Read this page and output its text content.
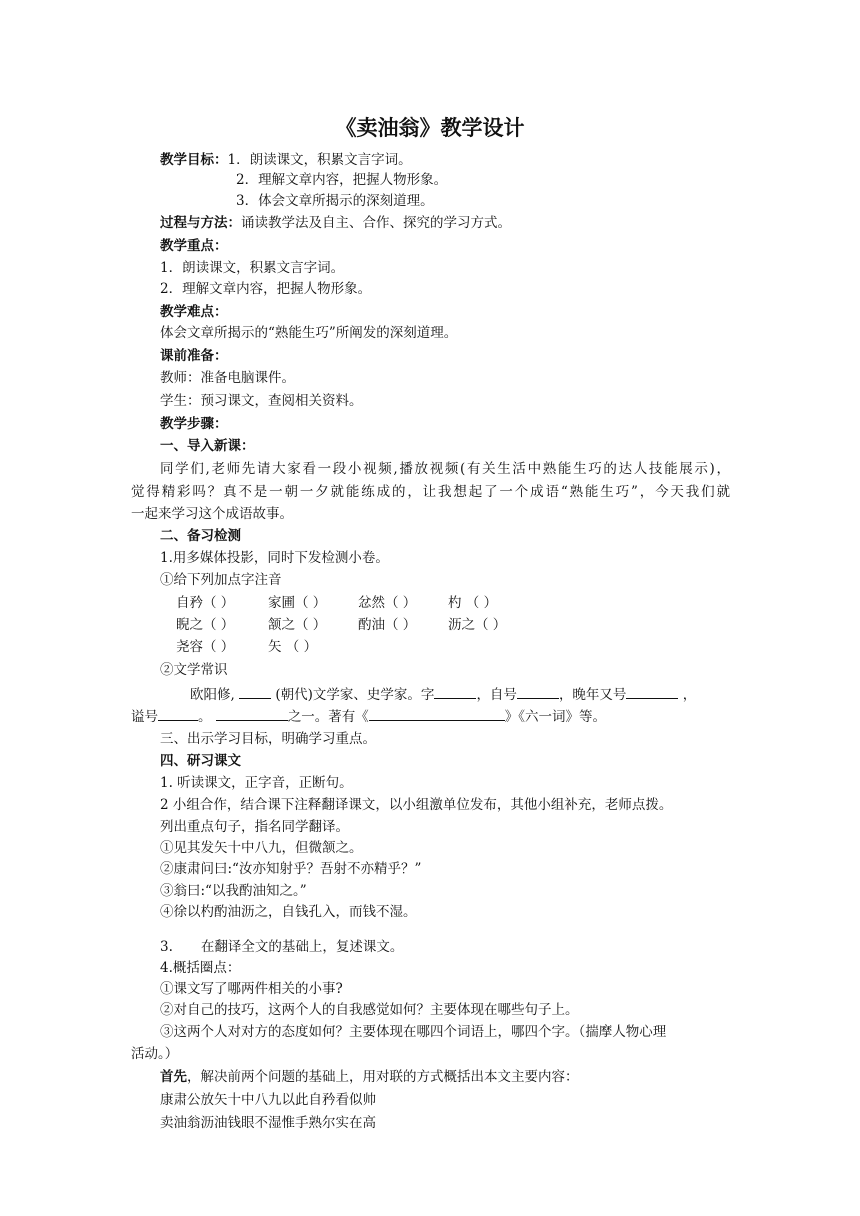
《卖油翁》教学设计
教学目标：1．朗读课文，积累文言字词。
2．理解文章内容，把握人物形象。
3．体会文章所揭示的深刻道理。
过程与方法：诵读教学法及自主、合作、探究的学习方式。
教学重点：
1．朗读课文，积累文言字词。
2．理解文章内容，把握人物形象。
教学难点：
体会文章所揭示的“熟能生巧”所阐发的深刻道理。
课前准备：
教师：准备电脑课件。
学生：预习课文，查阅相关资料。
教学步骤：
一、导入新课：
同学们,老师先请大家看一段小视频,播放视频(有关生活中熟能生巧的达人技能展示)，
觉得精彩吗？真不是一朝一夕就能练成的，让我想起了一个成语“熟能生巧”，今天我们就
一起来学习这个成语故事。
二、备习检测
1.用多媒体投影，同时下发检测小卷。
①给下列加点字注音
自矜（ ） 家圃（ ） 忿然（ ） 杓 （ ）
睨之（ ） 颔之（ ） 酌油（ ） 沥之（ ）
尧容（ ） 矢 （ ）
②文学常识
欧阳修,	(朝代)文学家、史学家。字	，自号	，晚年又号	，
谥号	。	之一。著有《	》《六一词》等。
三、出示学习目标，明确学习重点。
四、研习课文
1. 听读课文，正字音，正断句。
2 小组合作，结合课下注释翻译课文，以小组激单位发布，其他小组补充，老师点拨。
列出重点句子，指名同学翻译。
①见其发矢十中八九，但微颔之。
②康肃问曰:“汝亦知射乎？吾射不亦精乎？”
③翁曰:“以我酌油知之。”
④徐以杓酌油沥之，自钱孔入，而钱不湿。
3. 在翻译全文的基础上，复述课文。
4.概括圈点：
①课文写了哪两件相关的小事?
②对自己的技巧，这两个人的自我感觉如何？主要体现在哪些句子上。
③这两个人对对方的态度如何？主要体现在哪四个词语上，哪四个字。（揣摩人物心理
活动。）
首先，解决前两个问题的基础上，用对联的方式概括出本文主要内容：
康肃公放矢十中八九以此自矜看似帅
卖油翁沥油钱眼不湿惟手熟尔实在高
